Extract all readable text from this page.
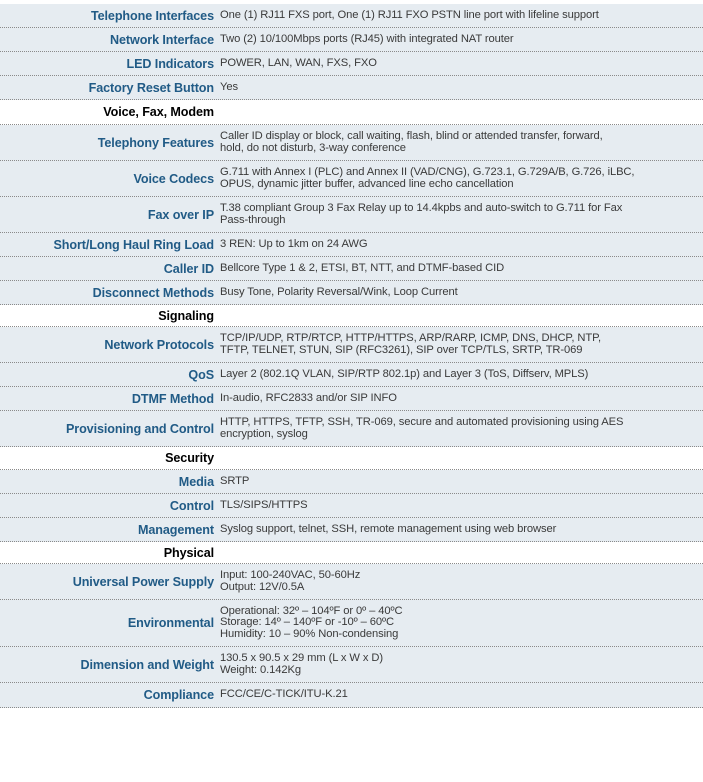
Telephone Interfaces One (1) RJ11 FXS port, One (1) RJ11 FXO PSTN line port with lifeline support
Network Interface Two (2) 10/100Mbps ports (RJ45) with integrated NAT router
LED Indicators POWER, LAN, WAN, FXS, FXO
Factory Reset Button Yes
Voice, Fax, Modem
Telephony Features Caller ID display or block, call waiting, flash, blind or attended transfer, forward,
hold, do not disturb, 3-way conference
Voice Codecs G.711 with Annex I (PLC) and Annex II (VAD/CNG), G.723.1, G.729A/B, G.726, iLBC,
OPUS, dynamic jitter buffer, advanced line echo cancellation
Fax over IP T.38 compliant Group 3 Fax Relay up to 14.4kpbs and auto-switch to G.711 for Fax
Pass-through
Short/Long Haul Ring Load 3 REN: Up to 1km on 24 AWG
Caller ID Bellcore Type 1 & 2, ETSI, BT, NTT, and DTMF-based CID
Disconnect Methods Busy Tone, Polarity Reversal/Wink, Loop Current
Signaling
Network Protocols TCP/IP/UDP, RTP/RTCP, HTTP/HTTPS, ARP/RARP, ICMP, DNS, DHCP, NTP,
TFTP, TELNET, STUN, SIP (RFC3261), SIP over TCP/TLS, SRTP, TR-069
QoS Layer 2 (802.1Q VLAN, SIP/RTP 802.1p) and Layer 3 (ToS, Diffserv, MPLS)
DTMF Method In-audio, RFC2833 and/or SIP INFO
Provisioning and Control HTTP, HTTPS, TFTP, SSH, TR-069, secure and automated provisioning using AES
encryption, syslog
Security
Media SRTP
Control TLS/SIPS/HTTPS
Management Syslog support, telnet, SSH, remote management using web browser
Physical
Universal Power Supply Input: 100-240VAC, 50-60Hz
Output: 12V/0.5A
Environmental
Operational: 32º – 104ºF or 0º – 40ºC
Storage: 14º – 140ºF or -10º – 60ºC
Humidity: 10 – 90% Non-condensing
Dimension and Weight 130.5 x 90.5 x 29 mm (L x W x D)
Weight: 0.142Kg
Compliance FCC/CE/C-TICK/ITU-K.21
